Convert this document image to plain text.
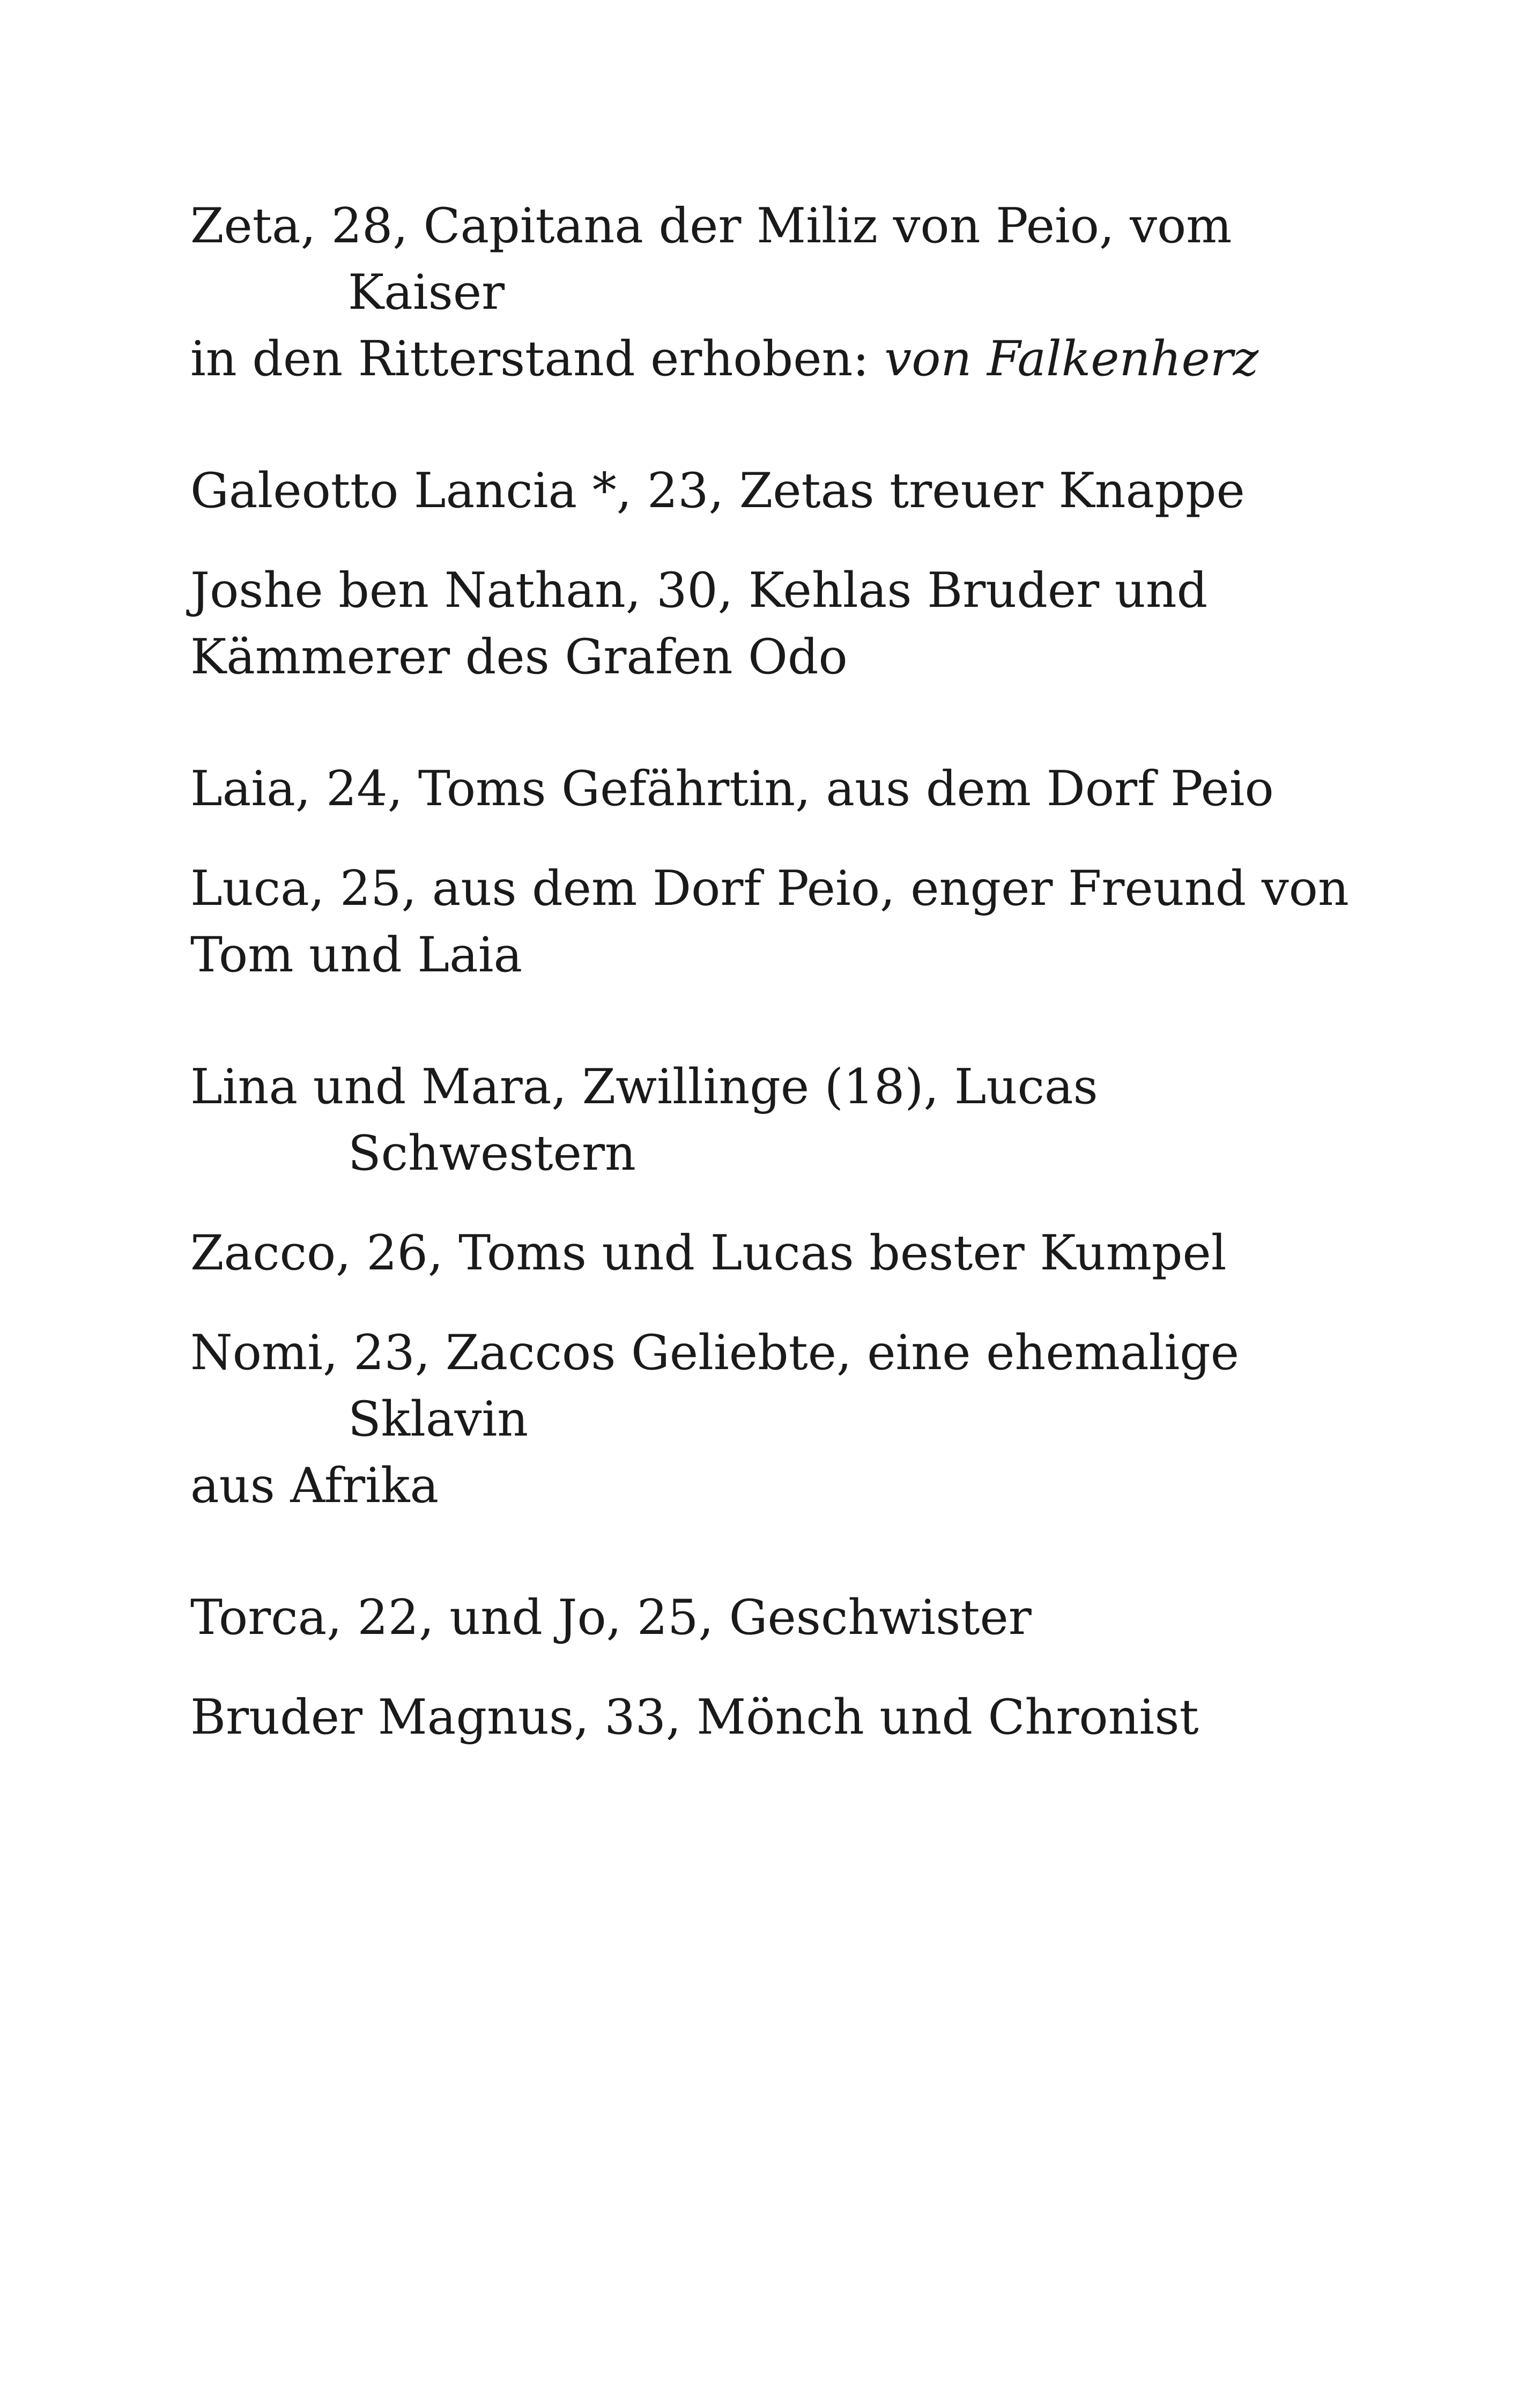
Zeta, 28, Capitana der Miliz von Peio, vom Kaiser
in den Ritterstand erhoben: von Falkenherz

Galeotto Lancia *, 23, Zetas treuer Knappe

Joshe ben Nathan, 30, Kehlas Bruder und
Kämmerer des Grafen Odo

Laia, 24, Toms Gefährtin, aus dem Dorf Peio

Luca, 25, aus dem Dorf Peio, enger Freund von
Tom und Laia

Lina und Mara, Zwillinge (18), Lucas Schwestern

Zacco, 26, Toms und Lucas bester Kumpel

Nomi, 23, Zaccos Geliebte, eine ehemalige Sklavin
aus Afrika

Torca, 22, und Jo, 25, Geschwister

Bruder Magnus, 33, Mönch und Chronist
